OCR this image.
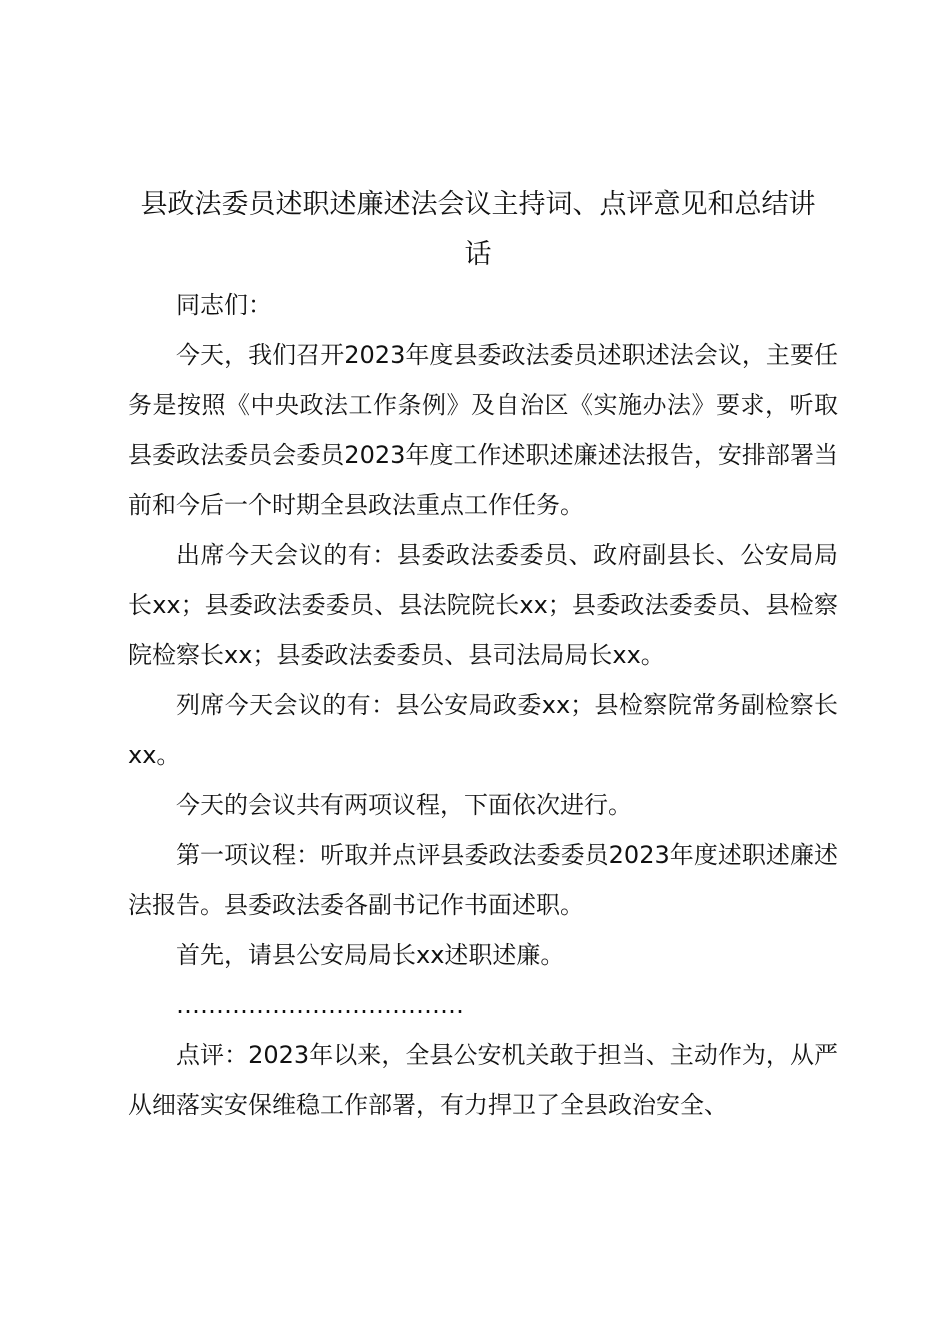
县政法委员述职述廉述法会议主持词、点评意见和总结讲话

同志们：

今天，我们召开2023年度县委政法委员述职述法会议，主要任务是按照《中央政法工作条例》及自治区《实施办法》要求，听取县委政法委员会委员2023年度工作述职述廉述法报告，安排部署当前和今后一个时期全县政法重点工作任务。

出席今天会议的有：县委政法委委员、政府副县长、公安局局长xx；县委政法委委员、县法院院长xx；县委政法委委员、县检察院检察长xx；县委政法委委员、县司法局局长xx。

列席今天会议的有：县公安局政委xx；县检察院常务副检察长xx。

今天的会议共有两项议程，下面依次进行。

第一项议程：听取并点评县委政法委委员2023年度述职述廉述法报告。县委政法委各副书记作书面述职。

首先，请县公安局局长xx述职述廉。

………………………………

点评：2023年以来，全县公安机关敢于担当、主动作为，从严从细落实安保维稳工作部署，有力捍卫了全县政治安全、
